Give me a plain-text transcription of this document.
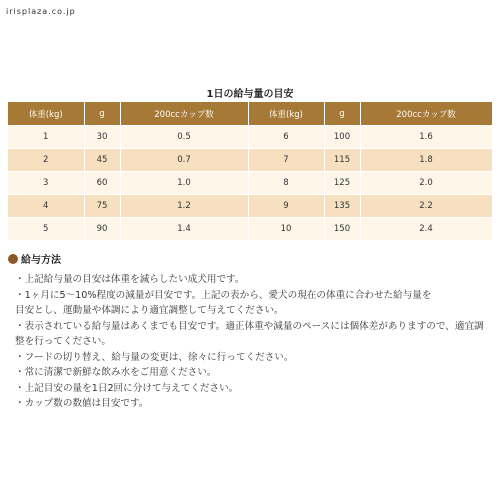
irisplaza.co.jp
1日の給与量の目安
体重(kg)	g	200ccカップ数	体重(kg)	g	200ccカップ数
1	30	0.5	6	100	1.6
2	45	0.7	7	115	1.8
3	60	1.0	8	125	2.0
4	75	1.2	9	135	2.2
5	90	1.4	10	150	2.4
給与方法
・上記給与量の目安は体重を減らしたい成犬用です。
・1ヶ月に5～10%程度の減量が目安です。上記の表から、愛犬の現在の体重に合わせた給与量を
目安とし、運動量や体調により適宜調整して与えてください。
・表示されている給与量はあくまでも目安です。適正体重や減量のペースには個体差がありますので、適宜調整を行ってください。
・フードの切り替え、給与量の変更は、徐々に行ってください。
・常に清潔で新鮮な飲み水をご用意ください。
・上記目安の量を1日2回に分けて与えてください。
・カップ数の数値は目安です。
